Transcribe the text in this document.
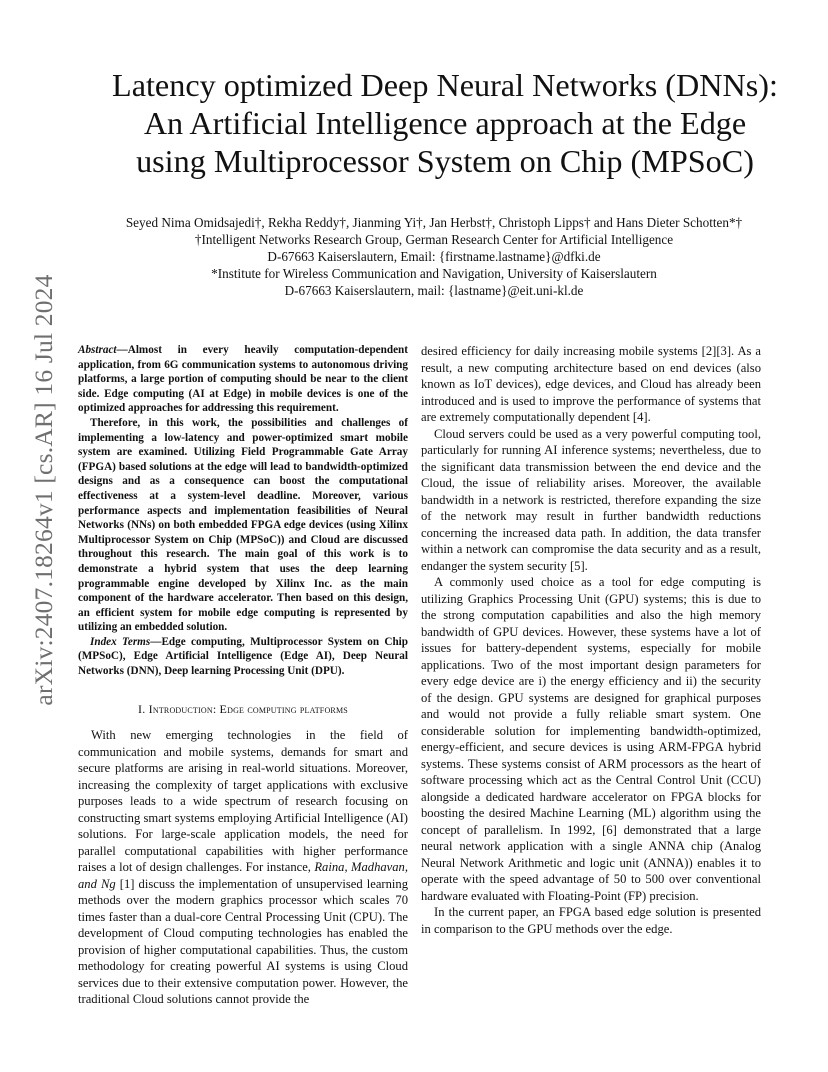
arXiv:2407.18264v1 [cs.AR] 16 Jul 2024
Latency optimized Deep Neural Networks (DNNs):
An Artificial Intelligence approach at the Edge
using Multiprocessor System on Chip (MPSoC)
Seyed Nima Omidsajedi†, Rekha Reddy†, Jianming Yi†, Jan Herbst†, Christoph Lipps† and Hans Dieter Schotten*†
†Intelligent Networks Research Group, German Research Center for Artificial Intelligence
D-67663 Kaiserslautern, Email: {firstname.lastname}@dfki.de
*Institute for Wireless Communication and Navigation, University of Kaiserslautern
D-67663 Kaiserslautern, mail: {lastname}@eit.uni-kl.de

Abstract—Almost in every heavily computation-dependent application, from 6G communication systems to autonomous driving platforms, a large portion of computing should be near to the client side. Edge computing (AI at Edge) in mobile devices is one of the optimized approaches for addressing this requirement.

Therefore, in this work, the possibilities and challenges of implementing a low-latency and power-optimized smart mobile system are examined. Utilizing Field Programmable Gate Array (FPGA) based solutions at the edge will lead to bandwidth-optimized designs and as a consequence can boost the computational effectiveness at a system-level deadline. Moreover, various performance aspects and implementation feasibilities of Neural Networks (NNs) on both embedded FPGA edge devices (using Xilinx Multiprocessor System on Chip (MPSoC)) and Cloud are discussed throughout this research. The main goal of this work is to demonstrate a hybrid system that uses the deep learning programmable engine developed by Xilinx Inc. as the main component of the hardware accelerator. Then based on this design, an efficient system for mobile edge computing is represented by utilizing an embedded solution.

Index Terms—Edge computing, Multiprocessor System on Chip (MPSoC), Edge Artificial Intelligence (Edge AI), Deep Neural Networks (DNN), Deep learning Processing Unit (DPU).

I. Introduction: Edge computing platforms

With new emerging technologies in the field of communication and mobile systems, demands for smart and secure platforms are arising in real-world situations. Moreover, increasing the complexity of target applications with exclusive purposes leads to a wide spectrum of research focusing on constructing smart systems employing Artificial Intelligence (AI) solutions. For large-scale application models, the need for parallel computational capabilities with higher performance raises a lot of design challenges. For instance, Raina, Madhavan, and Ng [1] discuss the implementation of unsupervised learning methods over the modern graphics processor which scales 70 times faster than a dual-core Central Processing Unit (CPU). The development of Cloud computing technologies has enabled the provision of higher computational capabilities. Thus, the custom methodology for creating powerful AI systems is using Cloud services due to their extensive computation power. However, the traditional Cloud solutions cannot provide the

desired efficiency for daily increasing mobile systems [2][3]. As a result, a new computing architecture based on end devices (also known as IoT devices), edge devices, and Cloud has already been introduced and is used to improve the performance of systems that are extremely computationally dependent [4].

Cloud servers could be used as a very powerful computing tool, particularly for running AI inference systems; nevertheless, due to the significant data transmission between the end device and the Cloud, the issue of reliability arises. Moreover, the available bandwidth in a network is restricted, therefore expanding the size of the network may result in further bandwidth reductions concerning the increased data path. In addition, the data transfer within a network can compromise the data security and as a result, endanger the system security [5].

A commonly used choice as a tool for edge computing is utilizing Graphics Processing Unit (GPU) systems; this is due to the strong computation capabilities and also the high memory bandwidth of GPU devices. However, these systems have a lot of issues for battery-dependent systems, especially for mobile applications. Two of the most important design parameters for every edge device are i) the energy efficiency and ii) the security of the design. GPU systems are designed for graphical purposes and would not provide a fully reliable smart system. One considerable solution for implementing bandwidth-optimized, energy-efficient, and secure devices is using ARM-FPGA hybrid systems. These systems consist of ARM processors as the heart of software processing which act as the Central Control Unit (CCU) alongside a dedicated hardware accelerator on FPGA blocks for boosting the desired Machine Learning (ML) algorithm using the concept of parallelism. In 1992, [6] demonstrated that a large neural network application with a single ANNA chip (Analog Neural Network Arithmetic and logic unit (ANNA)) enables it to operate with the speed advantage of 50 to 500 over conventional hardware evaluated with Floating-Point (FP) precision.

In the current paper, an FPGA based edge solution is presented in comparison to the GPU methods over the edge.
